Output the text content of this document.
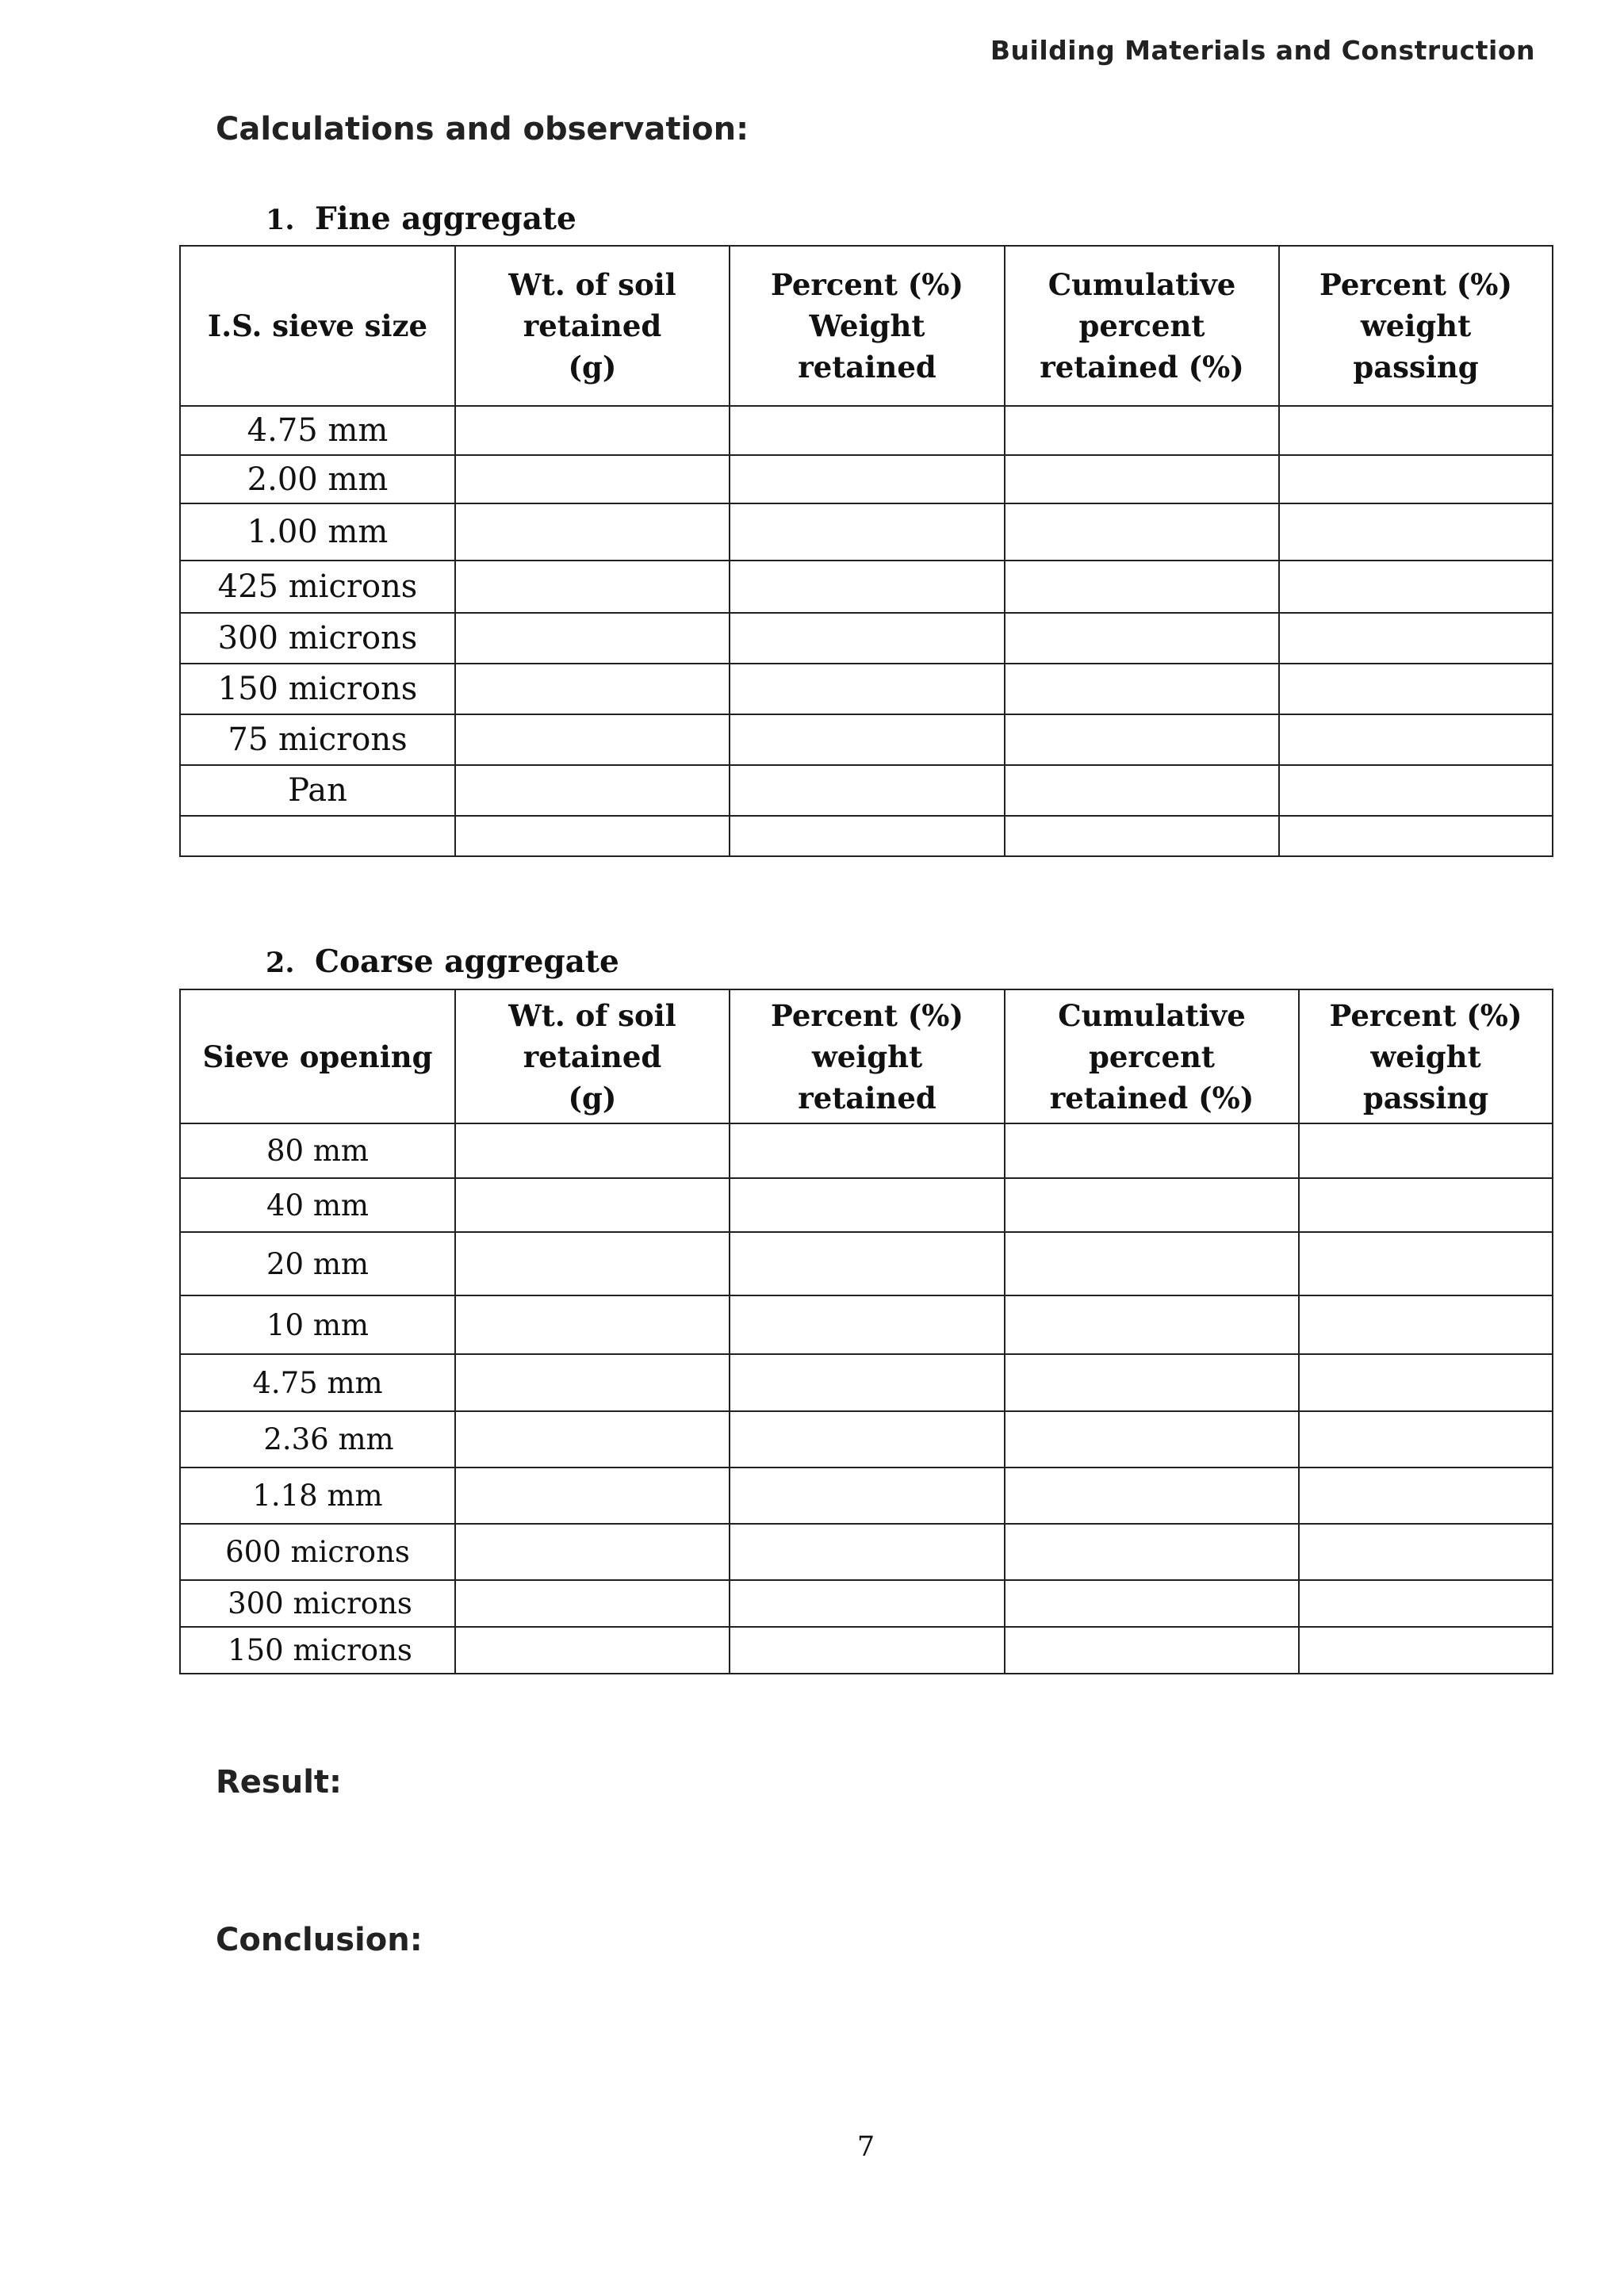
Building Materials and Construction
Calculations and observation:
1. Fine aggregate
I.S. sieve size	Wt. of soil retained (g)	Percent (%) Weight retained	Cumulative percent retained (%)	Percent (%) weight passing
4.75 mm				
2.00 mm				
1.00 mm				
425 microns				
300 microns				
150 microns				
75 microns				
Pan				

2. Coarse aggregate
Sieve opening	Wt. of soil retained (g)	Percent (%) weight retained	Cumulative percent retained (%)	Percent (%) weight passing
80 mm				
40 mm				
20 mm				
10 mm				
4.75 mm				
2.36 mm				
1.18 mm				
600 microns				
300 microns				
150 microns				
Result:
Conclusion:
7
